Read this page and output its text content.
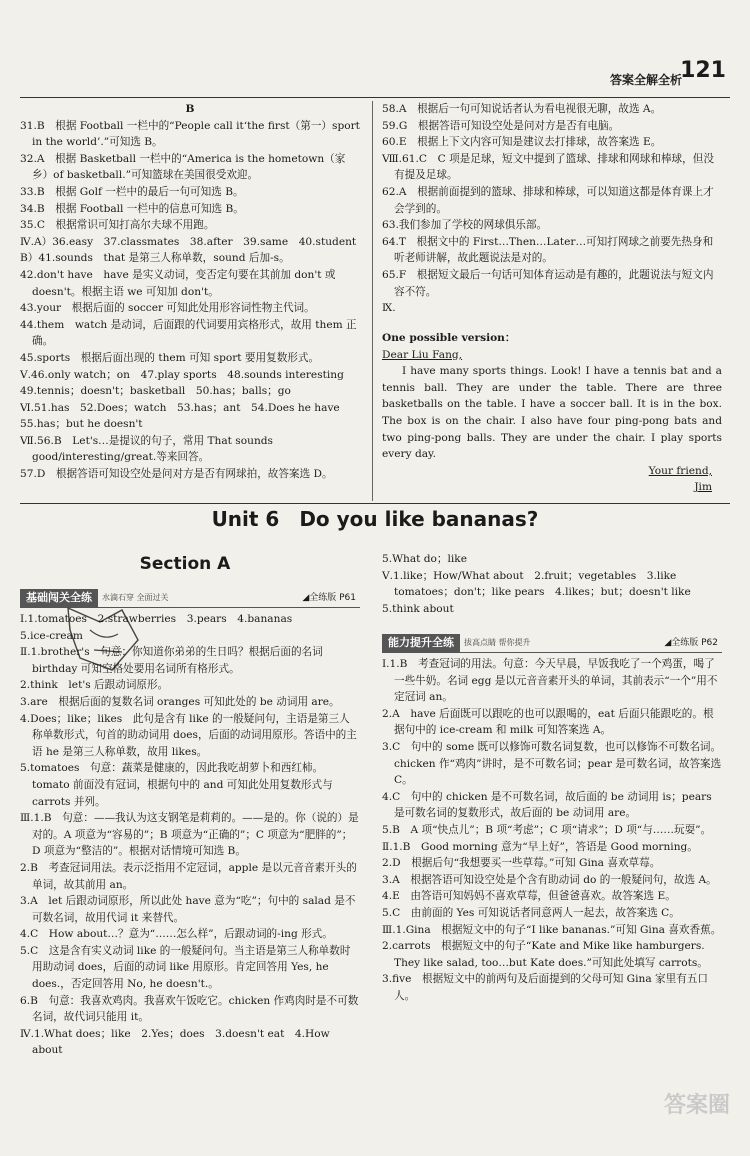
答案全解全析
121

B

31.B　根据 Football 一栏中的“People call it‘the first（第一）sport in the world’.”可知选 B。

32.A　根据 Basketball 一栏中的“America is the hometown（家乡）of basketball.”可知篮球在美国很受欢迎。

33.B　根据 Golf 一栏中的最后一句可知选 B。

34.B　根据 Football 一栏中的信息可知选 B。

35.C　根据常识可知打高尔夫球不用跑。

Ⅳ.A）36.easy　37.classmates　38.after　39.same　40.student

B）41.sounds　that 是第三人称单数，sound 后加-s。

42.don't have　have 是实义动词，变否定句要在其前加 don't 或 doesn't。根据主语 we 可知加 don't。

43.your　根据后面的 soccer 可知此处用形容词性物主代词。

44.them　watch 是动词，后面跟的代词要用宾格形式，故用 them 正确。

45.sports　根据后面出现的 them 可知 sport 要用复数形式。

Ⅴ.46.only watch；on　47.play sports　48.sounds interesting

49.tennis；doesn't；basketball　50.has；balls；go

Ⅵ.51.has　52.Does；watch　53.has；ant　54.Does he have

55.has；but he doesn't

Ⅶ.56.B　Let's…是提议的句子，常用 That sounds good/interesting/great.等来回答。

57.D　根据答语可知设空处是问对方是否有网球拍，故答案选 D。

58.A　根据后一句可知说话者认为看电视很无聊，故选 A。

59.G　根据答语可知设空处是问对方是否有电脑。

60.E　根据上下文内容可知是建议去打排球，故答案选 E。

Ⅷ.61.C　C 项是足球，短文中提到了篮球、排球和网球和棒球，但没有提及足球。

62.A　根据前面提到的篮球、排球和棒球，可以知道这都是体育课上才会学到的。

63.我们参加了学校的网球俱乐部。

64.T　根据文中的 First…Then…Later…可知打网球之前要先热身和听老师讲解，故此题说法是对的。

65.F　根据短文最后一句话可知体育运动是有趣的，此题说法与短文内容不符。

Ⅸ.

One possible version：

Dear Liu Fang,

I have many sports things. Look! I have a tennis bat and a tennis ball. They are under the table. There are three basketballs on the table. I have a soccer ball. It is in the box. The box is on the chair. I also have four ping-pong bats and two ping-pong balls. They are under the chair. I play sports every day.

Your friend,

Jim

Unit 6　Do you like bananas?
Section A
基础闯关全练 水滴石穿 全面过关	◢全练版 P61

Ⅰ.1.tomatoes　2.strawberries　3.pears　4.bananas

5.ice-cream

Ⅱ.1.brother's　句意：你知道你弟弟的生日吗？根据后面的名词 birthday 可知空格处要用名词所有格形式。

2.think　let's 后跟动词原形。

3.are　根据后面的复数名词 oranges 可知此处的 be 动词用 are。

4.Does；like；likes　此句是含有 like 的一般疑问句，主语是第三人称单数形式，句首的助动词用 does，后面的动词用原形。答语中的主语 he 是第三人称单数，故用 likes。

5.tomatoes　句意：蔬菜是健康的，因此我吃胡萝卜和西红柿。tomato 前面没有冠词，根据句中的 and 可知此处用复数形式与 carrots 并列。

Ⅲ.1.B　句意：——我认为这支钢笔是莉莉的。——是的。你（说的）是对的。A 项意为“容易的”；B 项意为“正确的”；C 项意为“肥胖的”；D 项意为“整洁的”。根据对话情境可知选 B。

2.B　考查冠词用法。表示泛指用不定冠词，apple 是以元音音素开头的单词，故其前用 an。

3.A　let 后跟动词原形，所以此处 have 意为“吃”；句中的 salad 是不可数名词，故用代词 it 来替代。

4.C　How about…？意为“……怎么样”，后跟动词的-ing 形式。

5.C　这是含有实义动词 like 的一般疑问句。当主语是第三人称单数时用助动词 does，后面的动词 like 用原形。肯定回答用 Yes, he does.，否定回答用 No, he doesn't.。

6.B　句意：我喜欢鸡肉。我喜欢午饭吃它。chicken 作鸡肉时是不可数名词，故代词只能用 it。

Ⅳ.1.What does；like　2.Yes；does　3.doesn't eat　4.How about

5.What do；like

Ⅴ.1.like；How/What about　2.fruit；vegetables　3.like tomatoes；don't；like pears　4.likes；but；doesn't like

5.think about

能力提升全练 拔高点睛 帮你提升	◢全练版 P62

Ⅰ.1.B　考查冠词的用法。句意：今天早晨，早饭我吃了一个鸡蛋，喝了一些牛奶。名词 egg 是以元音音素开头的单词，其前表示“一个”用不定冠词 an。

2.A　have 后面既可以跟吃的也可以跟喝的，eat 后面只能跟吃的。根据句中的 ice-cream 和 milk 可知答案选 A。

3.C　句中的 some 既可以修饰可数名词复数，也可以修饰不可数名词。chicken 作“鸡肉”讲时，是不可数名词；pear 是可数名词，故答案选 C。

4.C　句中的 chicken 是不可数名词，故后面的 be 动词用 is；pears 是可数名词的复数形式，故后面的 be 动词用 are。

5.B　A 项“快点儿”；B 项“考虑”；C 项“请求”；D 项“与……玩耍”。

Ⅱ.1.B　Good morning 意为“早上好”，答语是 Good morning。

2.D　根据后句“我想要买一些草莓。”可知 Gina 喜欢草莓。

3.A　根据答语可知设空处是个含有助动词 do 的一般疑问句，故选 A。

4.E　由答语可知妈妈不喜欢草莓，但爸爸喜欢。故答案选 E。

5.C　由前面的 Yes 可知说话者同意两人一起去，故答案选 C。

Ⅲ.1.Gina　根据短文中的句子“I like bananas.”可知 Gina 喜欢香蕉。

2.carrots　根据短文中的句子“Kate and Mike like hamburgers. They like salad, too…but Kate does.”可知此处填写 carrots。

3.five　根据短文中的前两句及后面提到的父母可知 Gina 家里有五口人。

答案圈
